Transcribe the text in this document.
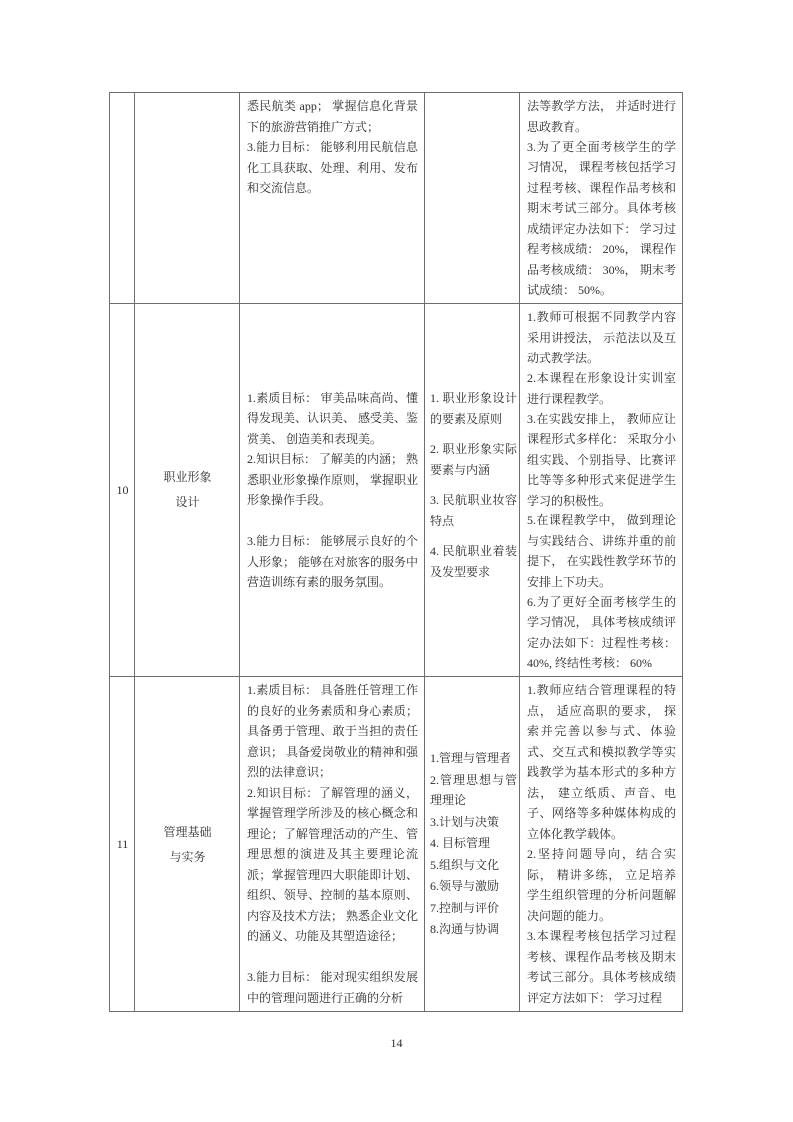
悉民航类 app； 掌握信息化背景下的旅游营销推广方式；

3.能力目标： 能够利用民航信息化工具获取、处理、利用、发布和交流信息。

法等教学方法， 并适时进行思政教育。

3.为了更全面考核学生的学习情况， 课程考核包括学习过程考核、课程作品考核和期末考试三部分。具体考核成绩评定办法如下： 学习过程考核成绩： 20%， 课程作品考核成绩： 30%， 期末考试成绩： 50%。

10

职业形象

设计

1.素质目标： 审美品味高尚、懂得发现美、认识美、 感受美、鉴赏美、 创造美和表现美。

2.知识目标： 了解美的内涵； 熟悉职业形象操作原则， 掌握职业形象操作手段。

3.能力目标： 能够展示良好的个人形象； 能够在对旅客的服务中营造训练有素的服务氛围。

1. 职业形象设计的要素及原则

2. 职业形象实际要素与内涵

3. 民航职业妆容特点

4. 民航职业着装及发型要求

1.教师可根据不同教学内容采用讲授法， 示范法以及互动式教学法。

2.本课程在形象设计实训室进行课程教学。

3.在实践安排上， 教师应让课程形式多样化： 采取分小组实践、个别指导、比赛评比等等多种形式来促进学生学习的积极性。

5.在课程教学中， 做到理论与实践结合、讲练并重的前提下， 在实践性教学环节的安排上下功夫。

6.为了更好全面考核学生的学习情况， 具体考核成绩评定办法如下：过程性考核： 40%, 终结性考核： 60%

11

管理基础

与实务

1.素质目标： 具备胜任管理工作的良好的业务素质和身心素质；具备勇于管理、敢于当担的责任意识； 具备爱岗敬业的精神和强烈的法律意识；

2.知识目标：了解管理的涵义，掌握管理学所涉及的核心概念和理论；了解管理活动的产生、管理思想的演进及其主要理论流派；掌握管理四大职能即计划、组织、领导、控制的基本原则、内容及技术方法； 熟悉企业文化的涵义、功能及其塑造途径；

3.能力目标： 能对现实组织发展中的管理问题进行正确的分析

1.管理与管理者

2.管理思想与管理理论

3.计划与决策

4. 目标管理

5.组织与文化

6.领导与激励

7.控制与评价

8.沟通与协调

1.教师应结合管理课程的特点， 适应高职的要求， 探索并完善以参与式、体验式、交互式和模拟教学等实践教学为基本形式的多种方法， 建立纸质、声音、电子、网络等多种媒体构成的立体化教学载体。

2.坚持问题导向，结合实际， 精讲多练， 立足培养学生组织管理的分析问题解决问题的能力。

3.本课程考核包括学习过程考核、课程作品考核及期末考试三部分。具体考核成绩评定方法如下： 学习过程

14
